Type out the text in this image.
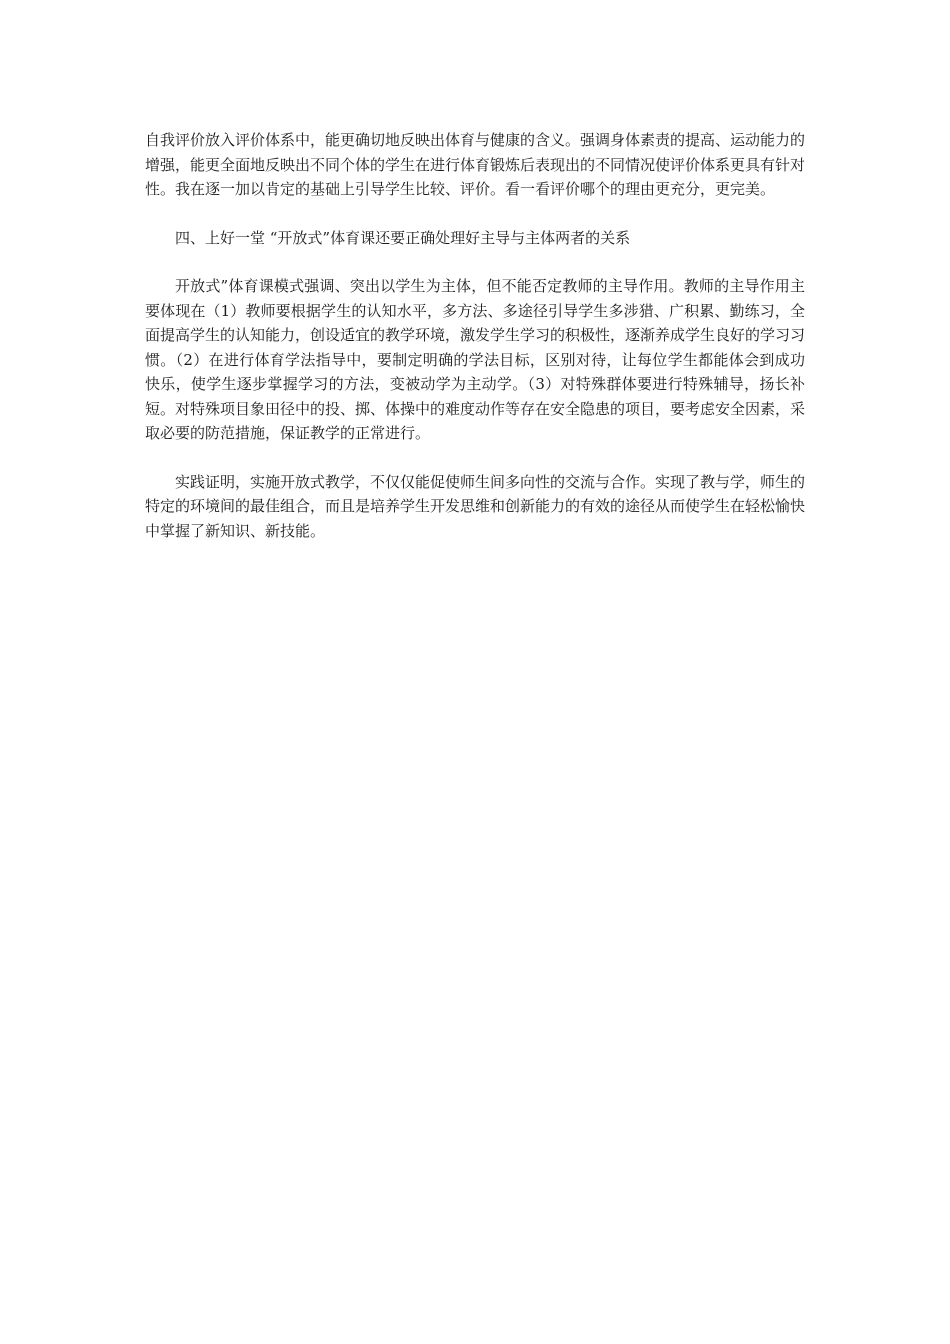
自我评价放入评价体系中，能更确切地反映出体育与健康的含义。强调身体素责的提高、运动能力的增强，能更全面地反映出不同个体的学生在进行体育锻炼后表现出的不同情况使评价体系更具有针对性。我在逐一加以肯定的基础上引导学生比较、评价。看一看评价哪个的理由更充分，更完美。

四、上好一堂 “开放式”体育课还要正确处理好主导与主体两者的关系

开放式”体育课模式强调、突出以学生为主体，但不能否定教师的主导作用。教师的主导作用主要体现在（1）教师要根据学生的认知水平，多方法、多途径引导学生多涉猎、广积累、勤练习，全面提高学生的认知能力，创设适宜的教学环境，激发学生学习的积极性，逐渐养成学生良好的学习习惯。（2）在进行体育学法指导中，要制定明确的学法目标，区别对待，让每位学生都能体会到成功快乐，使学生逐步掌握学习的方法，变被动学为主动学。（3）对特殊群体要进行特殊辅导，扬长补短。对特殊项目象田径中的投、掷、体操中的难度动作等存在安全隐患的项目，要考虑安全因素，采取必要的防范措施，保证教学的正常进行。

实践证明，实施开放式教学，不仅仅能促使师生间多向性的交流与合作。实现了教与学，师生的特定的环境间的最佳组合，而且是培养学生开发思维和创新能力的有效的途径从而使学生在轻松愉快中掌握了新知识、新技能。
